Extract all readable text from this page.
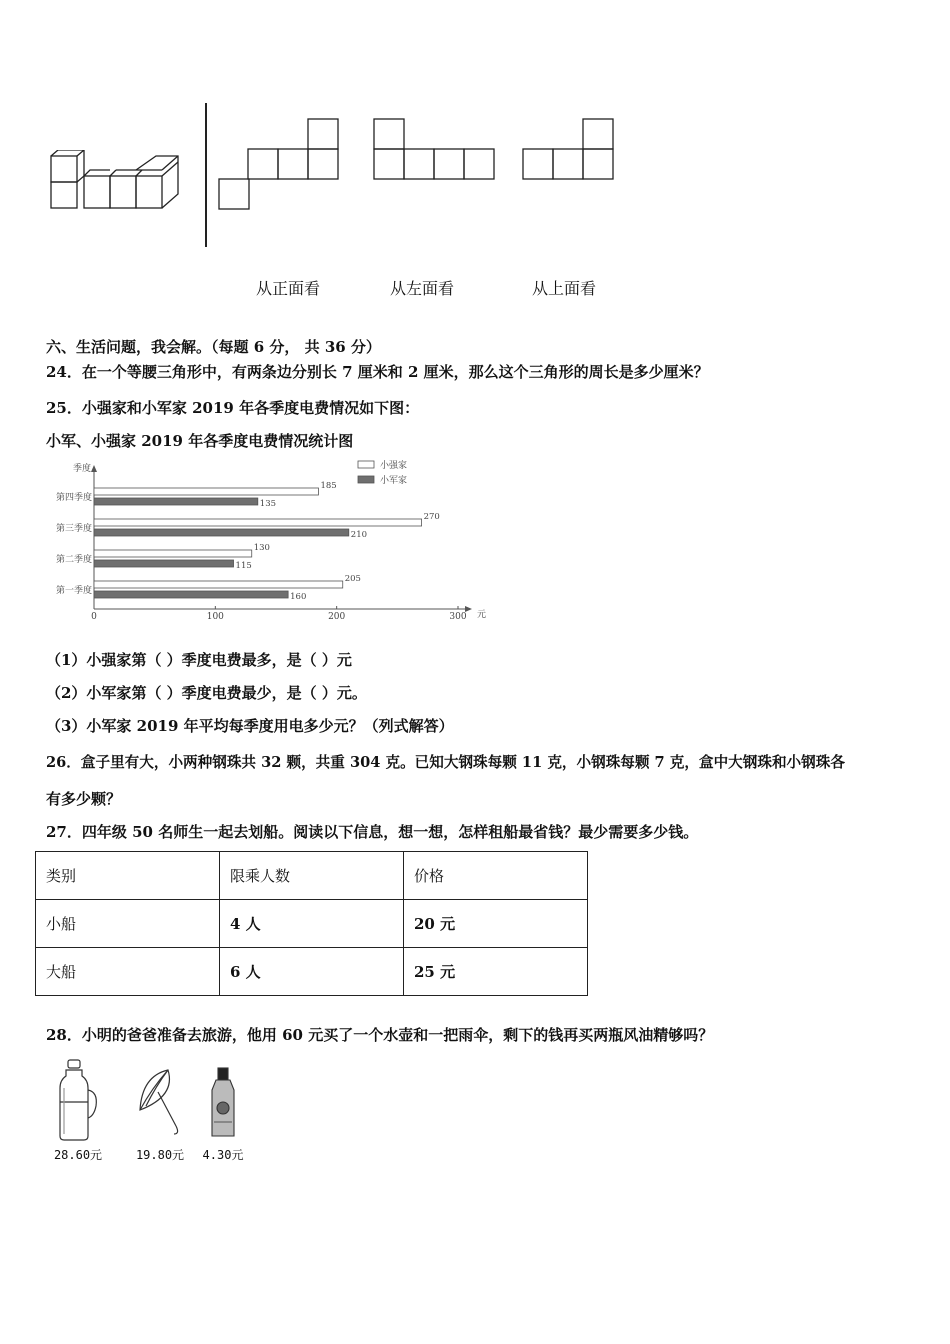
从正面看	从左面看	从上面看
六、生活问题，我会解。（每题 6 分， 共 36 分）
24．在一个等腰三角形中，有两条边分别长 7 厘米和 2 厘米，那么这个三角形的周长是多少厘米？
25．小强家和小军家 2019 年各季度电费情况如下图：
小军、小强家 2019 年各季度电费情况统计图
季度
元
0	100	200	300
小强家
小军家
第四季度
185
135
第三季度
270
210
第二季度
130
115
第一季度
205
160
（1）小强家第（ ）季度电费最多，是（ ）元
（2）小军家第（ ）季度电费最少，是（ ）元。
（3）小军家 2019 年平均每季度用电多少元？（列式解答）
26．盒子里有大，小两种钢珠共 32 颗，共重 304 克。已知大钢珠每颗 11 克，小钢珠每颗 7 克，盒中大钢珠和小钢珠各
有多少颗？
27．四年级 50 名师生一起去划船。阅读以下信息，想一想，怎样租船最省钱？最少需要多少钱。
类别	限乘人数	价格
小船	4 人	20 元
大船	6 人	25 元
28．小明的爸爸准备去旅游，他用 60 元买了一个水壶和一把雨伞，剩下的钱再买两瓶风油精够吗？
28.60元	19.80元	4.30元
